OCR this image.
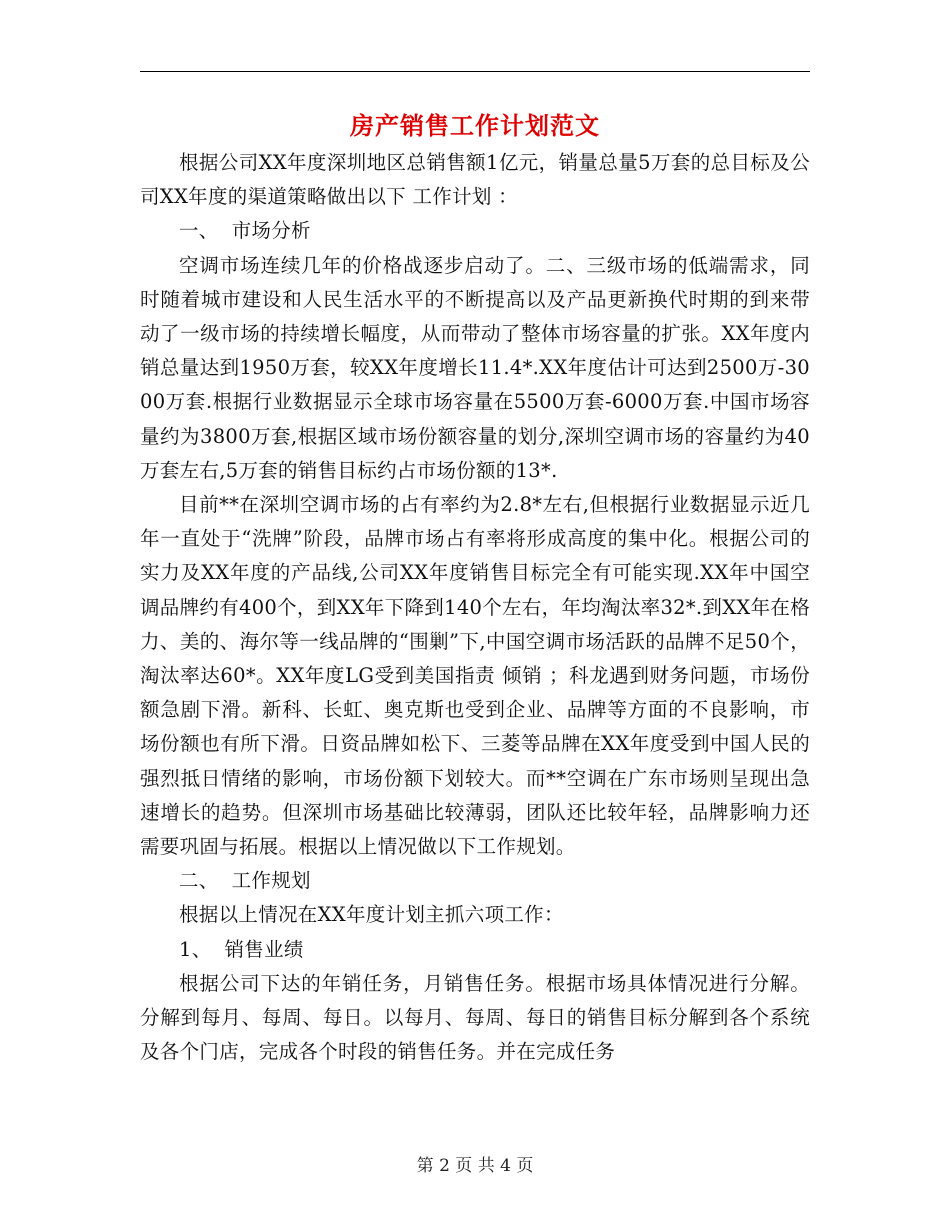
房产销售工作计划范文

根据公司XX年度深圳地区总销售额1亿元，销量总量5万套的总目标及公司XX年度的渠道策略做出以下 工作计划 ：

一、  市场分析

空调市场连续几年的价格战逐步启动了。二、三级市场的低端需求，同时随着城市建设和人民生活水平的不断提高以及产品更新换代时期的到来带动了一级市场的持续增长幅度，从而带动了整体市场容量的扩张。XX年度内销总量达到1950万套，较XX年度增长11.4*.XX年度估计可达到2500万-3000万套.根据行业数据显示全球市场容量在5500万套-6000万套.中国市场容量约为3800万套,根据区域市场份额容量的划分,深圳空调市场的容量约为40万套左右,5万套的销售目标约占市场份额的13*.

目前**在深圳空调市场的占有率约为2.8*左右,但根据行业数据显示近几年一直处于“洗牌”阶段，品牌市场占有率将形成高度的集中化。根据公司的实力及XX年度的产品线,公司XX年度销售目标完全有可能实现.XX年中国空调品牌约有400个，到XX年下降到140个左右，年均淘汰率32*.到XX年在格力、美的、海尔等一线品牌的“围剿”下,中国空调市场活跃的品牌不足50个，淘汰率达60*。XX年度LG受到美国指责 倾销 ；科龙遇到财务问题，市场份额急剧下滑。新科、长虹、奥克斯也受到企业、品牌等方面的不良影响，市场份额也有所下滑。日资品牌如松下、三菱等品牌在XX年度受到中国人民的强烈抵日情绪的影响，市场份额下划较大。而**空调在广东市场则呈现出急速增长的趋势。但深圳市场基础比较薄弱，团队还比较年轻，品牌影响力还需要巩固与拓展。根据以上情况做以下工作规划。

二、  工作规划

根据以上情况在XX年度计划主抓六项工作：

1、  销售业绩

根据公司下达的年销任务，月销售任务。根据市场具体情况进行分解。分解到每月、每周、每日。以每月、每周、每日的销售目标分解到各个系统及各个门店，完成各个时段的销售任务。并在完成任务

第 2 页 共 4 页
